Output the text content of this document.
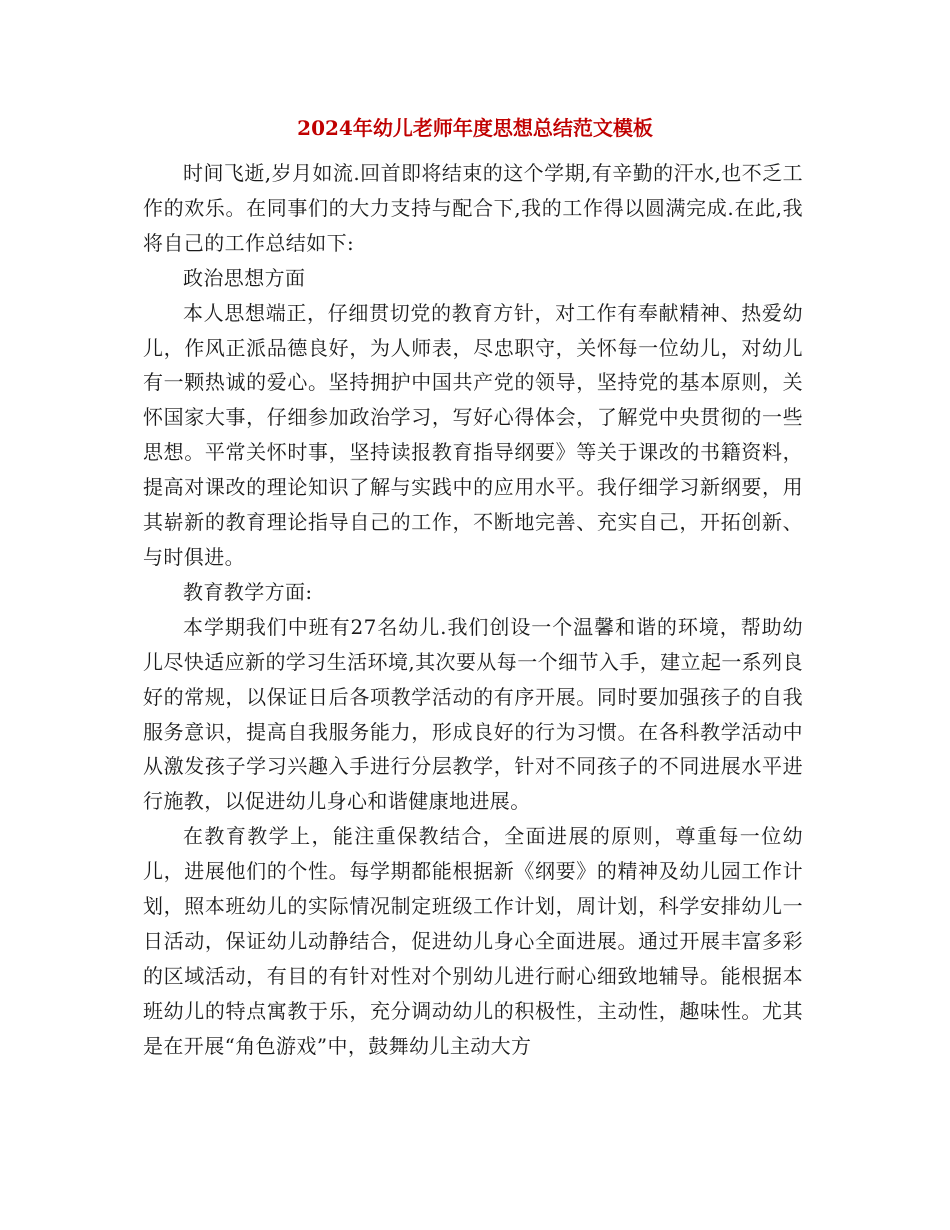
2024年幼儿老师年度思想总结范文模板

时间飞逝,岁月如流.回首即将结束的这个学期,有辛勤的汗水,也不乏工作的欢乐。在同事们的大力支持与配合下,我的工作得以圆满完成.在此,我将自己的工作总结如下:

政治思想方面

本人思想端正，仔细贯切党的教育方针，对工作有奉献精神、热爱幼儿，作风正派品德良好，为人师表，尽忠职守，关怀每一位幼儿，对幼儿有一颗热诚的爱心。坚持拥护中国共产党的领导，坚持党的基本原则，关怀国家大事，仔细参加政治学习，写好心得体会，了解党中央贯彻的一些思想。平常关怀时事，坚持读报教育指导纲要》等关于课改的书籍资料，提高对课改的理论知识了解与实践中的应用水平。我仔细学习新纲要，用其崭新的教育理论指导自己的工作，不断地完善、充实自己，开拓创新、与时俱进。

教育教学方面:

本学期我们中班有27名幼儿.我们创设一个温馨和谐的环境，帮助幼儿尽快适应新的学习生活环境,其次要从每一个细节入手，建立起一系列良好的常规，以保证日后各项教学活动的有序开展。同时要加强孩子的自我服务意识，提高自我服务能力，形成良好的行为习惯。在各科教学活动中从激发孩子学习兴趣入手进行分层教学，针对不同孩子的不同进展水平进行施教，以促进幼儿身心和谐健康地进展。

在教育教学上，能注重保教结合，全面进展的原则，尊重每一位幼儿，进展他们的个性。每学期都能根据新《纲要》的精神及幼儿园工作计划，照本班幼儿的实际情况制定班级工作计划，周计划，科学安排幼儿一日活动，保证幼儿动静结合，促进幼儿身心全面进展。通过开展丰富多彩的区域活动，有目的有针对性对个别幼儿进行耐心细致地辅导。能根据本班幼儿的特点寓教于乐，充分调动幼儿的积极性，主动性，趣味性。尤其是在开展“角色游戏”中，鼓舞幼儿主动大方
